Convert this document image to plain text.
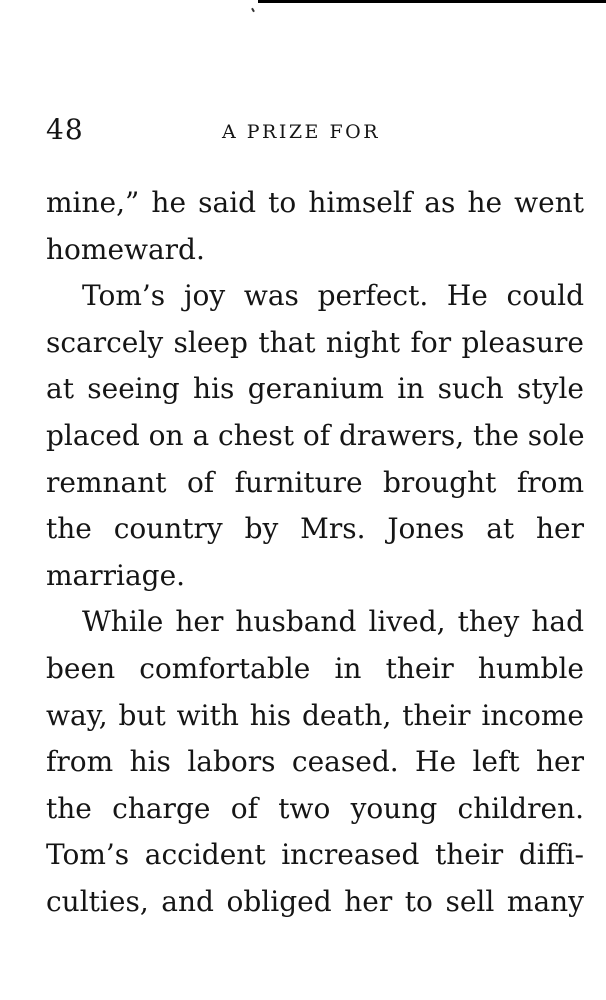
48	A PRIZE FOR
mine,” he said to himself as he went
homeward.
Tom’s joy was perfect. He could
scarcely sleep that night for pleasure
at seeing his geranium in such style
placed on a chest of drawers, the sole
remnant of furniture brought from
the country by Mrs. Jones at her
marriage.
While her husband lived, they had
been comfortable in their humble
way, but with his death, their income
from his labors ceased. He left her
the charge of two young children.
Tom’s accident increased their diffi-
culties, and obliged her to sell many
